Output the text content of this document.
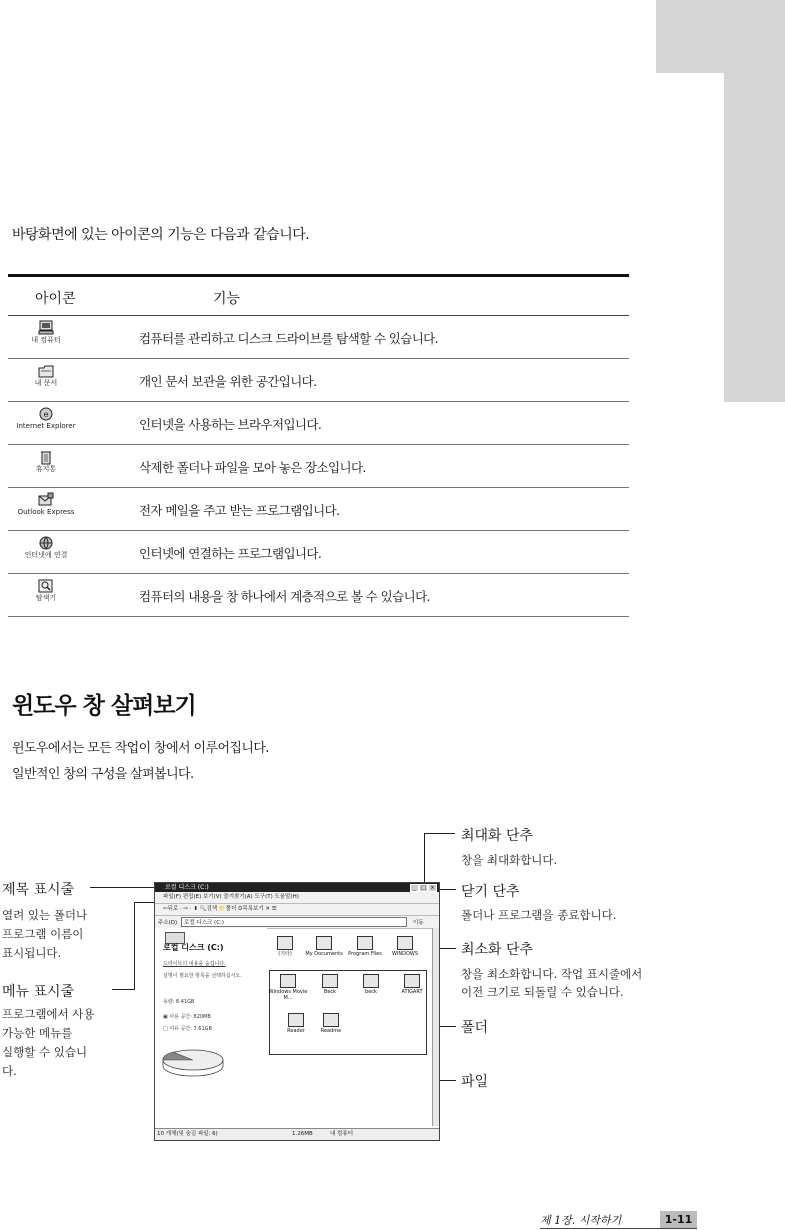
바탕화면에 있는 아이콘의 기능은 다음과 같습니다.
아이콘	기능
내 컴퓨터	컴퓨터를 관리하고 디스크 드라이브를 탐색할 수 있습니다.
내 문서	개인 문서 보관을 위한 공간입니다.
e
Internet Explorer	인터넷을 사용하는 브라우저입니다.
휴지통	삭제한 폴더나 파일을 모아 놓은 장소입니다.
Outlook Express	전자 메일을 주고 받는 프로그램입니다.
인터넷에 연결	인터넷에 연결하는 프로그램입니다.
탐색기	컴퓨터의 내용을 창 하나에서 계층적으로 볼 수 있습니다.
윈도우 창 살펴보기
윈도우에서는 모든 작업이 창에서 이루어집니다.
일반적인 창의 구성을 살펴봅니다.
최대화 단추
창을 최대화합니다.
닫기 단추
폴더나 프로그램을 종료합니다.
최소화 단추
창을 최소화합니다. 작업 표시줄에서
이전 크기로 되돌릴 수 있습니다.
폴더
파일
제목 표시줄
열려 있는 폴더나
프로그램 이름이
표시됩니다.
메뉴 표시줄
프로그램에서 사용
가능한 메뉴를
실행할 수 있습니
다.
로컬 디스크 (C:)	_	□ ×
파일(F) 편집(E) 보기(V) 즐겨찾기(A) 도구(T) 도움말(H)
⇦뒤로 · ⇨ · ⬆ 🔍검색 📁폴더 ⏲목록보기 ✕ ☰
주소(D)	로컬 디스크 (C:)	이동
로컬 디스크 (C:)
드라이브의 내용을 숨깁니다.
설명이 필요한 항목을 선택하십시오.
용량: 8.41GB
▣ 사용 공간: 820MB
□ 여유 공간: 7.61GB
(기타)	My Documents	Program Files	WINDOWS
Windows Movie M...
Beck	beck	ATIGART
Reader	Readme
10 개체(및 숨김 파일: 6)	1.26MB	내 컴퓨터
제 1장. 시작하기	1-11
